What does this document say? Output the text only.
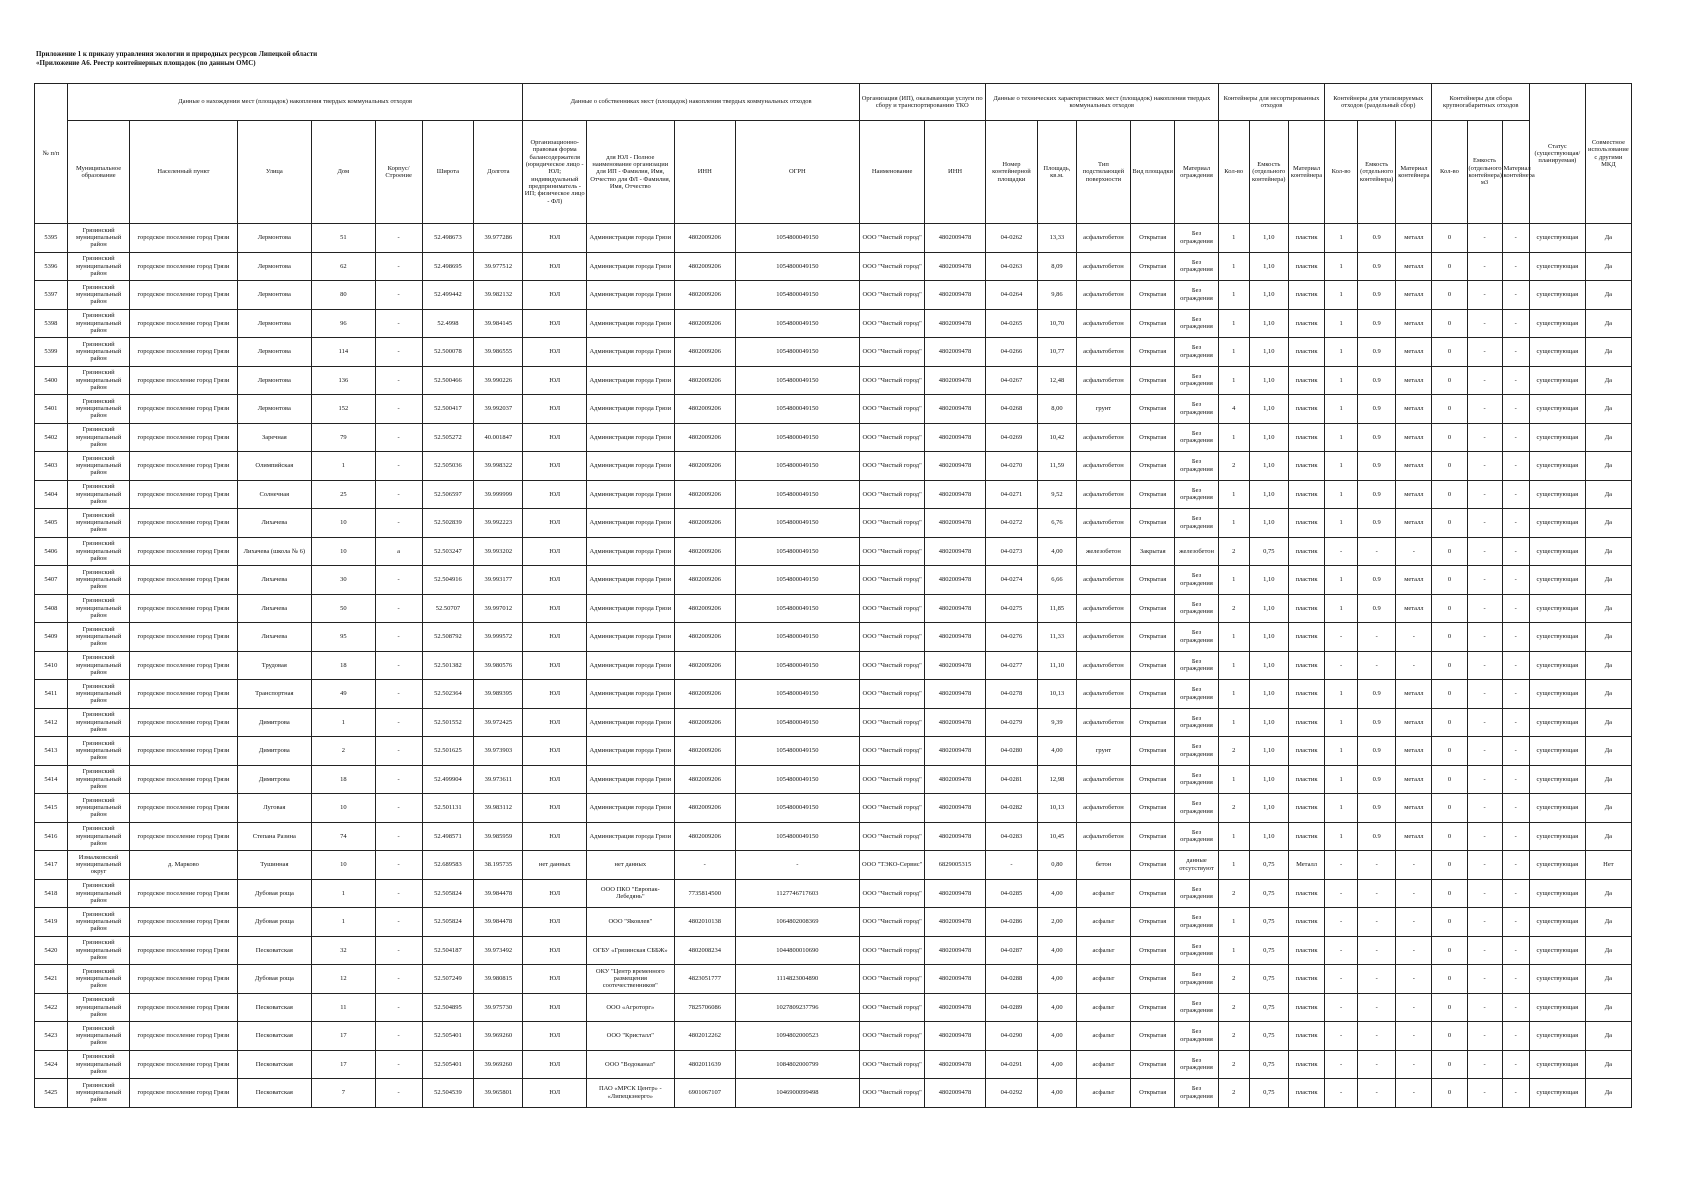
Приложение 1 к приказу управления экологии и природных ресурсов Липецкой области
«Приложение А6. Реестр контейнерных площадок (по данным ОМС)
№ п/п	Данные о нахождении мест (площадок) накопления твердых коммунальных отходов							Данные о собственниках мест (площадок) накопления твердых коммунальных отходов				Организация (ИП), оказывающая услуги по сбору и транспортированию ТКО		Данные о технических характеристиках мест (площадок) накопления твердых коммунальных отходов					Контейнеры для несортированных отходов			Контейнеры для утилизируемых отходов (раздельный сбор)			Контейнеры для сбора крупногабаритных отходов			Статус (существующая/ планируемая)	Совместное использование с другими МКД
	Муниципальное образование	Населенный пункт	Улица	Дом	Корпус/Строение	Широта	Долгота	Организационно-правовая форма балансодержателя (юридическое лицо - ЮЛ; индивидуальный предприниматель - ИП; физическое лицо - ФЛ)	для ЮЛ - Полное наименование организации для ИП - Фамилия, Имя, Отчество для ФЛ - Фамилия, Имя, Отчество	ИНН	ОГРН	Наименование	ИНН	Номер контейнерной площадки	Площадь, кв.м.	Тип подстилающей поверхности	Вид площадки	Материал ограждения	Кол-во	Емкость (отдельного контейнера)	Материал контейнера	Кол-во	Емкость (отдельного контейнера)	Материал контейнера	Кол-во	Емкость (отдельного контейнера) м3	Материал контейнера		
5395	Грязинский муниципальный район	городское поселение город Грязи	Лермонтова	51	-	52.498673	39.977286	ЮЛ	Администрация города Грязи	4802009206	1054800049150	ООО "Чистый город"	4802009478	04-0262	13,33	асфальтобетон	Открытая	Без ограждения	1	1,10	пластик	1	0.9	металл	0	-	-	существующая	Да
5396	Грязинский муниципальный район	городское поселение город Грязи	Лермонтова	62	-	52.498695	39.977512	ЮЛ	Администрация города Грязи	4802009206	1054800049150	ООО "Чистый город"	4802009478	04-0263	8,09	асфальтобетон	Открытая	Без ограждения	1	1,10	пластик	1	0.9	металл	0	-	-	существующая	Да
5397	Грязинский муниципальный район	городское поселение город Грязи	Лермонтова	80	-	52.499442	39.982132	ЮЛ	Администрация города Грязи	4802009206	1054800049150	ООО "Чистый город"	4802009478	04-0264	9,86	асфальтобетон	Открытая	Без ограждения	1	1,10	пластик	1	0.9	металл	0	-	-	существующая	Да
5398	Грязинский муниципальный район	городское поселение город Грязи	Лермонтова	96	-	52.4998	39.984145	ЮЛ	Администрация города Грязи	4802009206	1054800049150	ООО "Чистый город"	4802009478	04-0265	10,70	асфальтобетон	Открытая	Без ограждения	1	1,10	пластик	1	0.9	металл	0	-	-	существующая	Да
5399	Грязинский муниципальный район	городское поселение город Грязи	Лермонтова	114	-	52.500078	39.986555	ЮЛ	Администрация города Грязи	4802009206	1054800049150	ООО "Чистый город"	4802009478	04-0266	10,77	асфальтобетон	Открытая	Без ограждения	1	1,10	пластик	1	0.9	металл	0	-	-	существующая	Да
5400	Грязинский муниципальный район	городское поселение город Грязи	Лермонтова	136	-	52.500466	39.990226	ЮЛ	Администрация города Грязи	4802009206	1054800049150	ООО "Чистый город"	4802009478	04-0267	12,48	асфальтобетон	Открытая	Без ограждения	1	1,10	пластик	1	0.9	металл	0	-	-	существующая	Да
5401	Грязинский муниципальный район	городское поселение город Грязи	Лермонтова	152	-	52.500417	39.992037	ЮЛ	Администрация города Грязи	4802009206	1054800049150	ООО "Чистый город"	4802009478	04-0268	8,00	грунт	Открытая	Без ограждения	4	1,10	пластик	1	0.9	металл	0	-	-	существующая	Да
5402	Грязинский муниципальный район	городское поселение город Грязи	Заречная	79	-	52.505272	40.001847	ЮЛ	Администрация города Грязи	4802009206	1054800049150	ООО "Чистый город"	4802009478	04-0269	10,42	асфальтобетон	Открытая	Без ограждения	1	1,10	пластик	1	0.9	металл	0	-	-	существующая	Да
5403	Грязинский муниципальный район	городское поселение город Грязи	Олимпийская	1	-	52.505036	39.998322	ЮЛ	Администрация города Грязи	4802009206	1054800049150	ООО "Чистый город"	4802009478	04-0270	11,59	асфальтобетон	Открытая	Без ограждения	2	1,10	пластик	1	0.9	металл	0	-	-	существующая	Да
5404	Грязинский муниципальный район	городское поселение город Грязи	Солнечная	25	-	52.506597	39.999999	ЮЛ	Администрация города Грязи	4802009206	1054800049150	ООО "Чистый город"	4802009478	04-0271	9,52	асфальтобетон	Открытая	Без ограждения	1	1,10	пластик	1	0.9	металл	0	-	-	существующая	Да
5405	Грязинский муниципальный район	городское поселение город Грязи	Лихачева	10	-	52.502839	39.992223	ЮЛ	Администрация города Грязи	4802009206	1054800049150	ООО "Чистый город"	4802009478	04-0272	6,76	асфальтобетон	Открытая	Без ограждения	1	1,10	пластик	1	0.9	металл	0	-	-	существующая	Да
5406	Грязинский муниципальный район	городское поселение город Грязи	Лихачева (школа № 6)	10	а	52.503247	39.993202	ЮЛ	Администрация города Грязи	4802009206	1054800049150	ООО "Чистый город"	4802009478	04-0273	4,00	железобетон	Закрытая	железобетон	2	0,75	пластик	-	-	-	0	-	-	существующая	Да
5407	Грязинский муниципальный район	городское поселение город Грязи	Лихачева	30	-	52.504916	39.993177	ЮЛ	Администрация города Грязи	4802009206	1054800049150	ООО "Чистый город"	4802009478	04-0274	6,66	асфальтобетон	Открытая	Без ограждения	1	1,10	пластик	1	0.9	металл	0	-	-	существующая	Да
5408	Грязинский муниципальный район	городское поселение город Грязи	Лихачева	50	-	52.50707	39.997012	ЮЛ	Администрация города Грязи	4802009206	1054800049150	ООО "Чистый город"	4802009478	04-0275	11,85	асфальтобетон	Открытая	Без ограждения	2	1,10	пластик	1	0.9	металл	0	-	-	существующая	Да
5409	Грязинский муниципальный район	городское поселение город Грязи	Лихачева	95	-	52.508792	39.999572	ЮЛ	Администрация города Грязи	4802009206	1054800049150	ООО "Чистый город"	4802009478	04-0276	11,33	асфальтобетон	Открытая	Без ограждения	1	1,10	пластик	-	-	-	0	-	-	существующая	Да
5410	Грязинский муниципальный район	городское поселение город Грязи	Трудовая	18	-	52.501382	39.980576	ЮЛ	Администрация города Грязи	4802009206	1054800049150	ООО "Чистый город"	4802009478	04-0277	11,10	асфальтобетон	Открытая	Без ограждения	1	1,10	пластик	-	-	-	0	-	-	существующая	Да
5411	Грязинский муниципальный район	городское поселение город Грязи	Транспортная	49	-	52.502364	39.989395	ЮЛ	Администрация города Грязи	4802009206	1054800049150	ООО "Чистый город"	4802009478	04-0278	10,13	асфальтобетон	Открытая	Без ограждения	1	1,10	пластик	1	0.9	металл	0	-	-	существующая	Да
5412	Грязинский муниципальный район	городское поселение город Грязи	Димитрова	1	-	52.501552	39.972425	ЮЛ	Администрация города Грязи	4802009206	1054800049150	ООО "Чистый город"	4802009478	04-0279	9,39	асфальтобетон	Открытая	Без ограждения	1	1,10	пластик	1	0.9	металл	0	-	-	существующая	Да
5413	Грязинский муниципальный район	городское поселение город Грязи	Димитрова	2	-	52.501625	39.973903	ЮЛ	Администрация города Грязи	4802009206	1054800049150	ООО "Чистый город"	4802009478	04-0280	4,00	грунт	Открытая	Без ограждения	2	1,10	пластик	1	0.9	металл	0	-	-	существующая	Да
5414	Грязинский муниципальный район	городское поселение город Грязи	Димитрова	18	-	52.499904	39.973611	ЮЛ	Администрация города Грязи	4802009206	1054800049150	ООО "Чистый город"	4802009478	04-0281	12,98	асфальтобетон	Открытая	Без ограждения	1	1,10	пластик	1	0.9	металл	0	-	-	существующая	Да
5415	Грязинский муниципальный район	городское поселение город Грязи	Луговая	10	-	52.501131	39.983112	ЮЛ	Администрация города Грязи	4802009206	1054800049150	ООО "Чистый город"	4802009478	04-0282	10,13	асфальтобетон	Открытая	Без ограждения	2	1,10	пластик	1	0.9	металл	0	-	-	существующая	Да
5416	Грязинский муниципальный район	городское поселение город Грязи	Степана Разина	74	-	52.498571	39.985959	ЮЛ	Администрация города Грязи	4802009206	1054800049150	ООО "Чистый город"	4802009478	04-0283	10,45	асфальтобетон	Открытая	Без ограждения	1	1,10	пластик	1	0.9	металл	0	-	-	существующая	Да
5417	Измалковский муниципальный округ	д. Марково	Тушинная	10	-	52.689583	38.195735	нет данных	нет данных	-	-	ООО "ТЭКО-Сервис"	6829005315	-	0,80	бетон	Открытая	данные отсутствуют	1	0,75	Металл	-	-	-	0	-	-	существующая	Нет
5418	Грязинский муниципальный район	городское поселение город Грязи	Дубовая роща	1	-	52.505824	39.984478	ЮЛ	ООО ПКО "Европак-Лебедянь"	7735814500	1127746717603	ООО "Чистый город"	4802009478	04-0285	4,00	асфальт	Открытая	Без ограждения	2	0,75	пластик	-	-	-	0	-	-	существующая	Да
5419	Грязинский муниципальный район	городское поселение город Грязи	Дубовая роща	1	-	52.505824	39.984478	ЮЛ	ООО "Яковлев"	4802010138	1064802008369	ООО "Чистый город"	4802009478	04-0286	2,00	асфальт	Открытая	Без ограждения	1	0,75	пластик	-	-	-	0	-	-	существующая	Да
5420	Грязинский муниципальный район	городское поселение город Грязи	Песковатская	32	-	52.504187	39.973492	ЮЛ	ОГБУ «Грязинская СББЖ»	4802008234	1044800010690	ООО "Чистый город"	4802009478	04-0287	4,00	асфальт	Открытая	Без ограждения	1	0,75	пластик	-	-	-	0	-	-	существующая	Да
5421	Грязинский муниципальный район	городское поселение город Грязи	Дубовая роща	12	-	52.507249	39.980815	ЮЛ	ОКУ "Центр временного размещения соотечественников"	4823051777	1114823004890	ООО "Чистый город"	4802009478	04-0288	4,00	асфальт	Открытая	Без ограждения	2	0,75	пластик	-	-	-	0	-	-	существующая	Да
5422	Грязинский муниципальный район	городское поселение город Грязи	Песковатская	11	-	52.504895	39.975730	ЮЛ	ООО «Агроторг»	7825706086	1027809237796	ООО "Чистый город"	4802009478	04-0289	4,00	асфальт	Открытая	Без ограждения	2	0,75	пластик	-	-	-	0	-	-	существующая	Да
5423	Грязинский муниципальный район	городское поселение город Грязи	Песковатская	17	-	52.505401	39.969260	ЮЛ	ООО "Кристалл"	4802012262	1094802000523	ООО "Чистый город"	4802009478	04-0290	4,00	асфальт	Открытая	Без ограждения	2	0,75	пластик	-	-	-	0	-	-	существующая	Да
5424	Грязинский муниципальный район	городское поселение город Грязи	Песковатская	17	-	52.505401	39.969260	ЮЛ	ООО "Водоканал"	4802011639	1084802000799	ООО "Чистый город"	4802009478	04-0291	4,00	асфальт	Открытая	Без ограждения	2	0,75	пластик	-	-	-	0	-	-	существующая	Да
5425	Грязинский муниципальный район	городское поселение город Грязи	Песковатская	7	-	52.504539	39.965801	ЮЛ	ПАО «МРСК Центр» - «Липецкэнерго»	6901067107	1046900099498	ООО "Чистый город"	4802009478	04-0292	4,00	асфальт	Открытая	Без ограждения	2	0,75	пластик	-	-	-	0	-	-	существующая	Да
